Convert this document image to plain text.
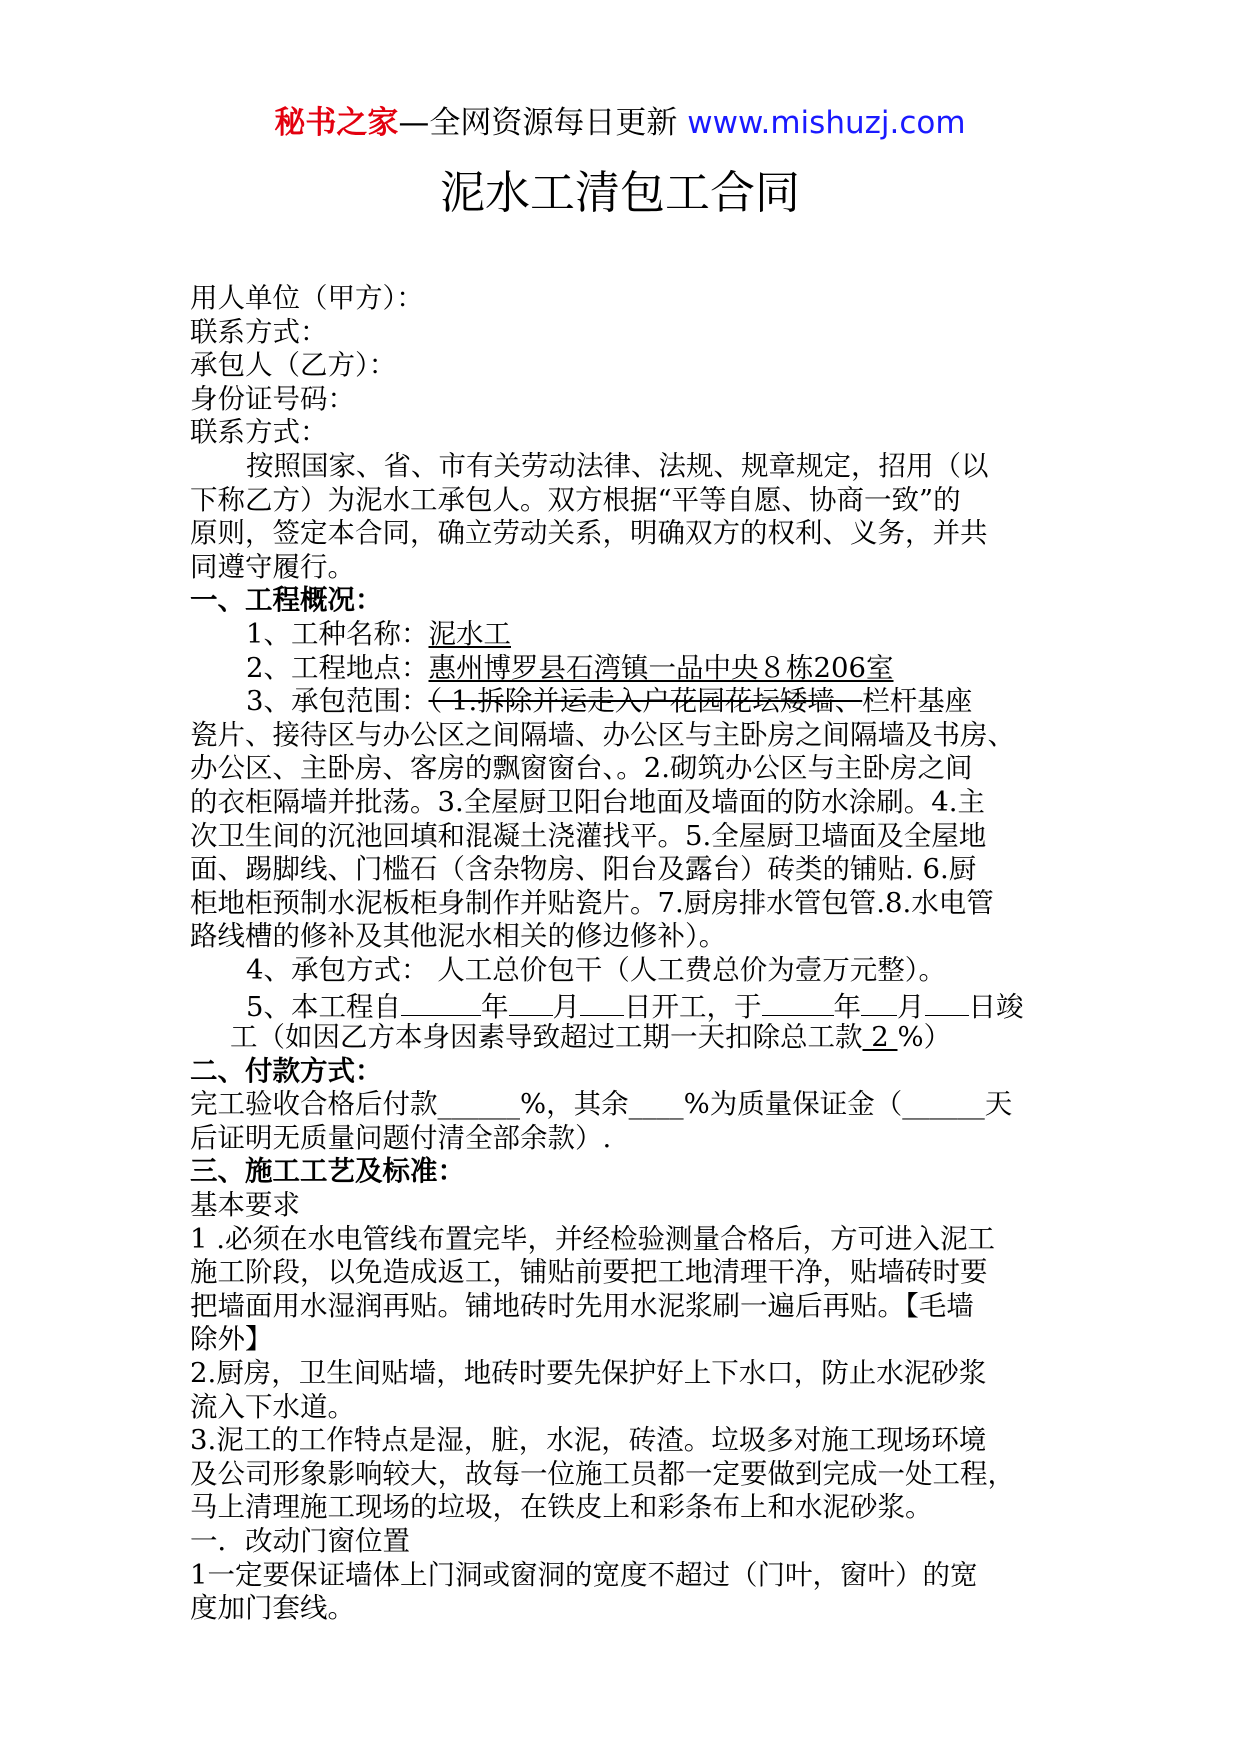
秘书之家—全网资源每日更新 www.mishuzj.com
泥水工清包工合同
用人单位（甲方）：
联系方式：
承包人（乙方）：
身份证号码：
联系方式：
按照国家、省、市有关劳动法律、法规、规章规定，招用（以
下称乙方）为泥水工承包人。双方根据“平等自愿、协商一致”的
原则，签定本合同，确立劳动关系，明确双方的权利、义务，并共
同遵守履行。
一、工程概况：
1、工种名称：泥水工
2、工程地点：惠州博罗县石湾镇一品中央８栋206室
3、承包范围：（ 1.拆除并运走入户花园花坛矮墙、栏杆基座
瓷片、接待区与办公区之间隔墙、办公区与主卧房之间隔墙及书房、
办公区、主卧房、客房的飘窗窗台、。2.砌筑办公区与主卧房之间
的衣柜隔墙并批荡。3.全屋厨卫阳台地面及墙面的防水涂刷。4.主
次卫生间的沉池回填和混凝土浇灌找平。5.全屋厨卫墙面及全屋地
面、踢脚线、门槛石（含杂物房、阳台及露台）砖类的铺贴. 6.厨
柜地柜预制水泥板柜身制作并贴瓷片。7.厨房排水管包管.8.水电管
路线槽的修补及其他泥水相关的修边修补）。
4、承包方式： 人工总价包干（人工费总价为壹万元整）。
5、本工程自	年 月 日开工，于	年 月 日竣
工（如因乙方本身因素导致超过工期一天扣除总工款 2 %）
二、付款方式：
完工验收合格后付款______%，其余____%为质量保证金（______天
后证明无质量问题付清全部余款）.
三、施工工艺及标准：
基本要求
1 .必须在水电管线布置完毕，并经检验测量合格后，方可进入泥工
施工阶段，以免造成返工，铺贴前要把工地清理干净，贴墙砖时要
把墙面用水湿润再贴。铺地砖时先用水泥浆刷一遍后再贴。【毛墙
除外】
2.厨房，卫生间贴墙，地砖时要先保护好上下水口，防止水泥砂浆
流入下水道。
3.泥工的工作特点是湿，脏，水泥，砖渣。垃圾多对施工现场环境
及公司形象影响较大，故每一位施工员都一定要做到完成一处工程，
马上清理施工现场的垃圾，在铁皮上和彩条布上和水泥砂浆。
一．改动门窗位置
1一定要保证墙体上门洞或窗洞的宽度不超过（门叶，窗叶）的宽
度加门套线。
